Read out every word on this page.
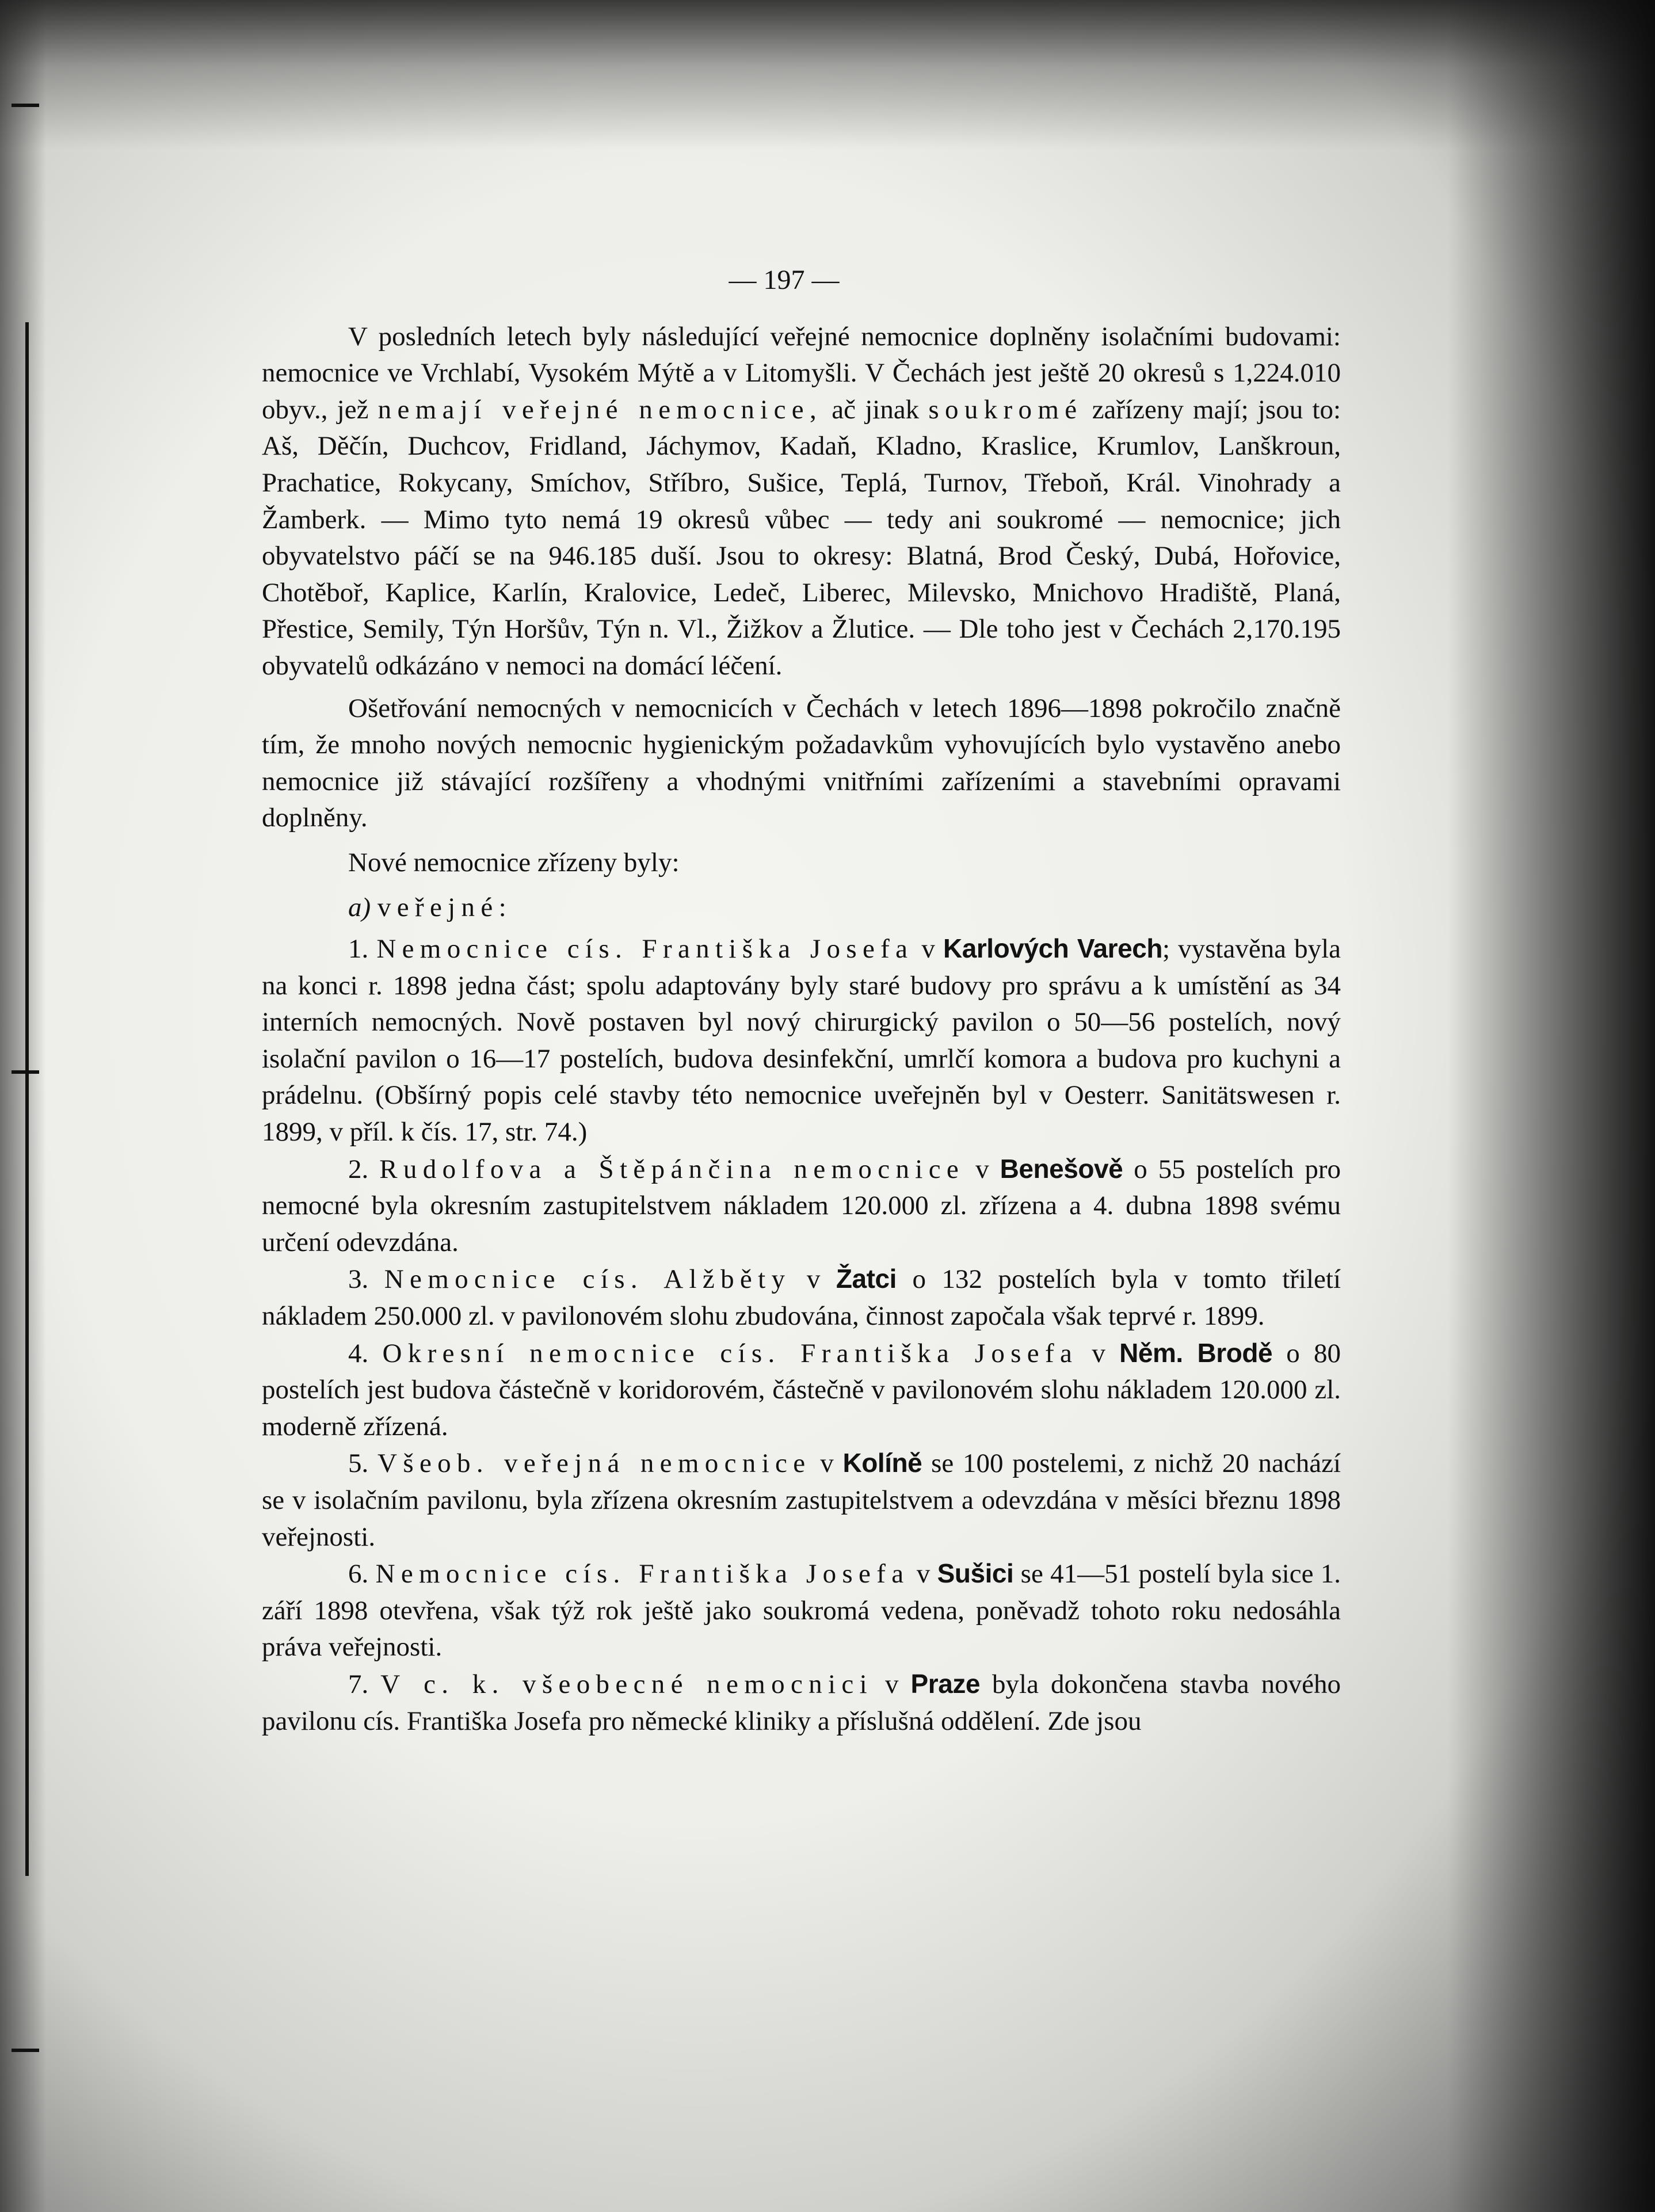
— 197 —

V posledních letech byly následující veřejné nemocnice doplněny isolačními budovami: nemocnice ve Vrchlabí, Vysokém Mýtě a v Litomyšli. V Čechách jest ještě 20 okresů s 1,224.010 obyv., jež nemají veřejné nemocnice, ač jinak soukromé zařízeny mají; jsou to: Aš, Děčín, Duchcov, Fridland, Jáchymov, Kadaň, Kladno, Kraslice, Krumlov, Lanškroun, Prachatice, Rokycany, Smíchov, Stříbro, Sušice, Teplá, Turnov, Třeboň, Král. Vinohrady a Žamberk. — Mimo tyto nemá 19 okresů vůbec — tedy ani soukromé — nemocnice; jich obyvatelstvo páčí se na 946.185 duší. Jsou to okresy: Blatná, Brod Český, Dubá, Hořovice, Chotěboř, Kaplice, Karlín, Kralovice, Ledeč, Liberec, Milevsko, Mnichovo Hradiště, Planá, Přestice, Semily, Týn Horšův, Týn n. Vl., Žižkov a Žlutice. — Dle toho jest v Čechách 2,170.195 obyvatelů odkázáno v nemoci na domácí léčení.

Ošetřování nemocných v nemocnicích v Čechách v letech 1896—1898 pokročilo značně tím, že mnoho nových nemocnic hygienickým požadavkům vyhovujících bylo vystavěno anebo nemocnice již stávající rozšířeny a vhodnými vnitřními zařízeními a stavebními opravami doplněny.

Nové nemocnice zřízeny byly:
a) veřejné:

1. Nemocnice cís. Františka Josefa v Karlových Varech; vystavěna byla na konci r. 1898 jedna část; spolu adaptovány byly staré budovy pro správu a k umístění as 34 interních nemocných. Nově postaven byl nový chirurgický pavilon o 50—56 postelích, nový isolační pavilon o 16—17 postelích, budova desinfekční, umrlčí komora a budova pro kuchyni a prádelnu. (Obšírný popis celé stavby této nemocnice uveřejněn byl v Oesterr. Sanitätswesen r. 1899, v příl. k čís. 17, str. 74.)

2. Rudolfova a Štěpánčina nemocnice v Benešově o 55 postelích pro nemocné byla okresním zastupitelstvem nákladem 120.000 zl. zřízena a 4. dubna 1898 svému určení odevzdána.

3. Nemocnice cís. Alžběty v Žatci o 132 postelích byla v tomto třiletí nákladem 250.000 zl. v pavilonovém slohu zbudována, činnost započala však teprvé r. 1899.

4. Okresní nemocnice cís. Františka Josefa v Něm. Brodě o 80 postelích jest budova částečně v koridorovém, částečně v pavilonovém slohu nákladem 120.000 zl. moderně zřízená.

5. Všeob. veřejná nemocnice v Kolíně se 100 postelemi, z nichž 20 nachází se v isolačním pavilonu, byla zřízena okresním zastupitelstvem a odevzdána v měsíci březnu 1898 veřejnosti.

6. Nemocnice cís. Františka Josefa v Sušici se 41—51 postelí byla sice 1. září 1898 otevřena, však týž rok ještě jako soukromá vedena, poněvadž tohoto roku nedosáhla práva veřejnosti.

7. V c. k. všeobecné nemocnici v Praze byla dokončena stavba nového pavilonu cís. Františka Josefa pro německé kliniky a příslušná oddělení. Zde jsou
